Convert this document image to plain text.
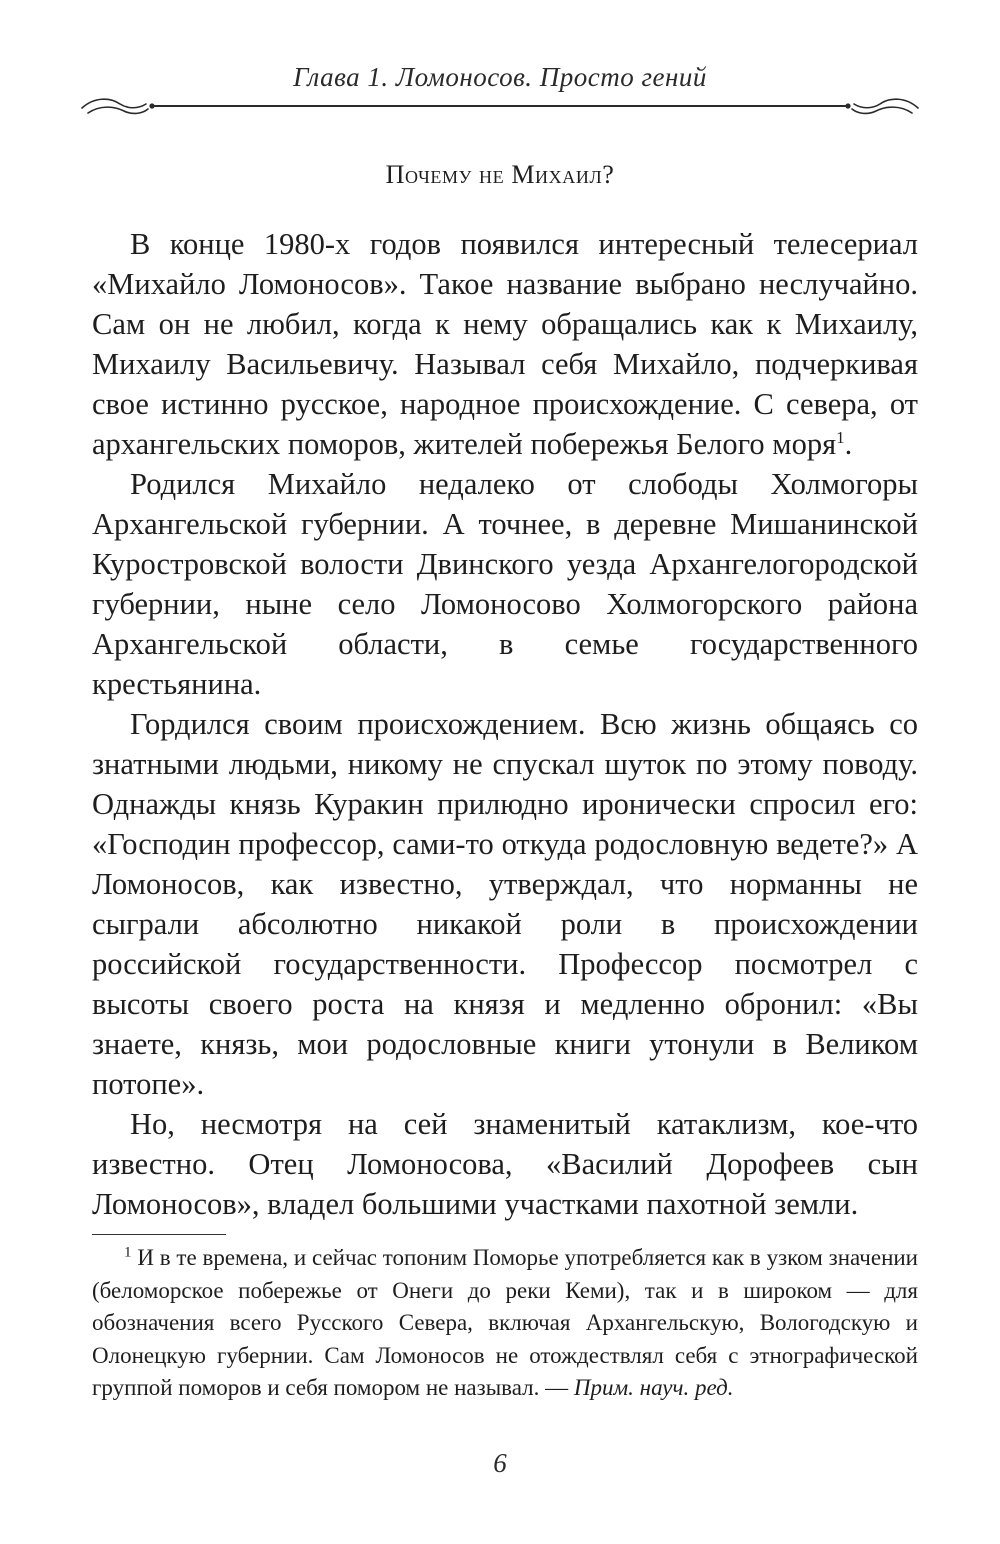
Глава 1. Ломоносов. Просто гений
Почему не Михаил?

В конце 1980-х годов появился интересный телесериал «Михайло Ломоносов». Такое название выбрано неслучайно. Сам он не любил, когда к нему обращались как к Михаилу, Михаилу Васильевичу. Называл себя Михайло, подчеркивая свое истинно русское, народное происхождение. С севера, от архангельских поморов, жителей побережья Белого моря$^1$.

Родился Михайло недалеко от слободы Холмогоры Архангельской губернии. А точнее, в деревне Мишанинской Куростровской волости Двинского уезда Архангелогородской губернии, ныне село Ломоносово Холмогорского района Архангельской области, в семье государственного крестьянина.

Гордился своим происхождением. Всю жизнь общаясь со знатными людьми, никому не спускал шуток по этому поводу. Однажды князь Куракин прилюдно иронически спросил его: «Господин профессор, сами-то откуда родословную ведете?» А Ломоносов, как известно, утверждал, что норманны не сыграли абсолютно никакой роли в происхождении российской государственности. Профессор посмотрел с высоты своего роста на князя и медленно обронил: «Вы знаете, князь, мои родословные книги утонули в Великом потопе».

Но, несмотря на сей знаменитый катаклизм, кое-что известно. Отец Ломоносова, «Василий Дорофеев сын Ломоносов», владел большими участками пахотной земли.

$^1$ И в те времена, и сейчас топоним Поморье употребляется как в узком значении (беломорское побережье от Онеги до реки Кеми), так и в широком — для обозначения всего Русского Севера, включая Архангельскую, Вологодскую и Олонецкую губернии. Сам Ломоносов не отождествлял себя с этнографической группой поморов и себя помором не называл. — Прим. науч. ред.

6
